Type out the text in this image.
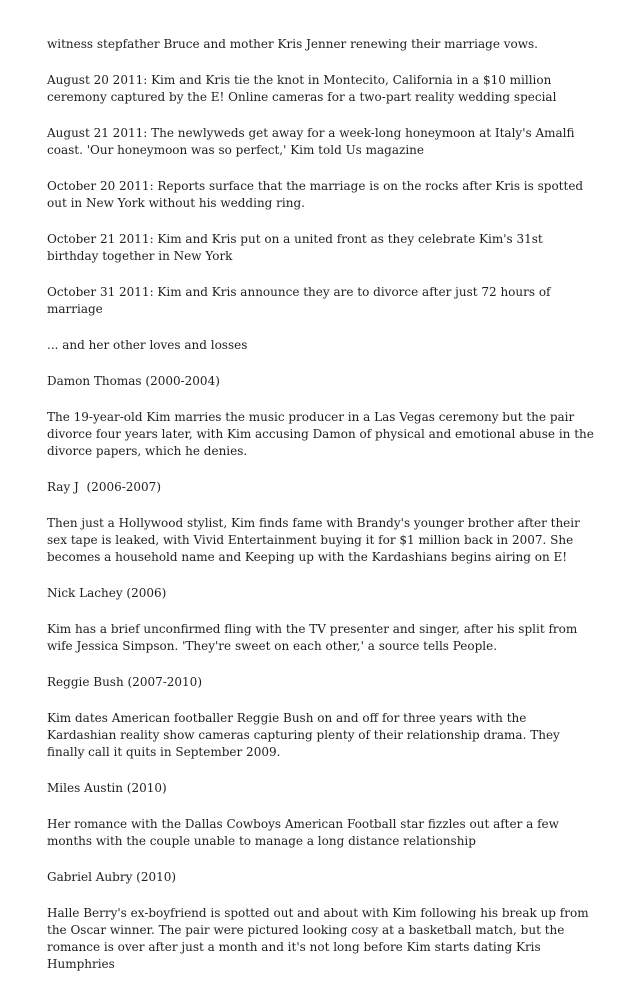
witness stepfather Bruce and mother Kris Jenner renewing their marriage vows.

August 20 2011: Kim and Kris tie the knot in Montecito, California in a $10 million ceremony captured by the E! Online cameras for a two-part reality wedding special

August 21 2011: The newlyweds get away for a week-long honeymoon at Italy's Amalfi coast. 'Our honeymoon was so perfect,' Kim told Us magazine

October 20 2011: Reports surface that the marriage is on the rocks after Kris is spotted out in New York without his wedding ring.

October 21 2011: Kim and Kris put on a united front as they celebrate Kim's 31st birthday together in New York

October 31 2011: Kim and Kris announce they are to divorce after just 72 hours of marriage

... and her other loves and losses

Damon Thomas (2000-2004)

The 19-year-old Kim marries the music producer in a Las Vegas ceremony but the pair divorce four years later, with Kim accusing Damon of physical and emotional abuse in the divorce papers, which he denies.

Ray J  (2006-2007)

Then just a Hollywood stylist, Kim finds fame with Brandy's younger brother after their sex tape is leaked, with Vivid Entertainment buying it for $1 million back in 2007. She becomes a household name and Keeping up with the Kardashians begins airing on E!

Nick Lachey (2006)

Kim has a brief unconfirmed fling with the TV presenter and singer, after his split from wife Jessica Simpson. 'They're sweet on each other,' a source tells People.

Reggie Bush (2007-2010)

Kim dates American footballer Reggie Bush on and off for three years with the Kardashian reality show cameras capturing plenty of their relationship drama. They finally call it quits in September 2009.

Miles Austin (2010)

Her romance with the Dallas Cowboys American Football star fizzles out after a few months with the couple unable to manage a long distance relationship

Gabriel Aubry (2010)

Halle Berry's ex-boyfriend is spotted out and about with Kim following his break up from the Oscar winner. The pair were pictured looking cosy at a basketball match, but the romance is over after just a month and it's not long before Kim starts dating Kris Humphries
